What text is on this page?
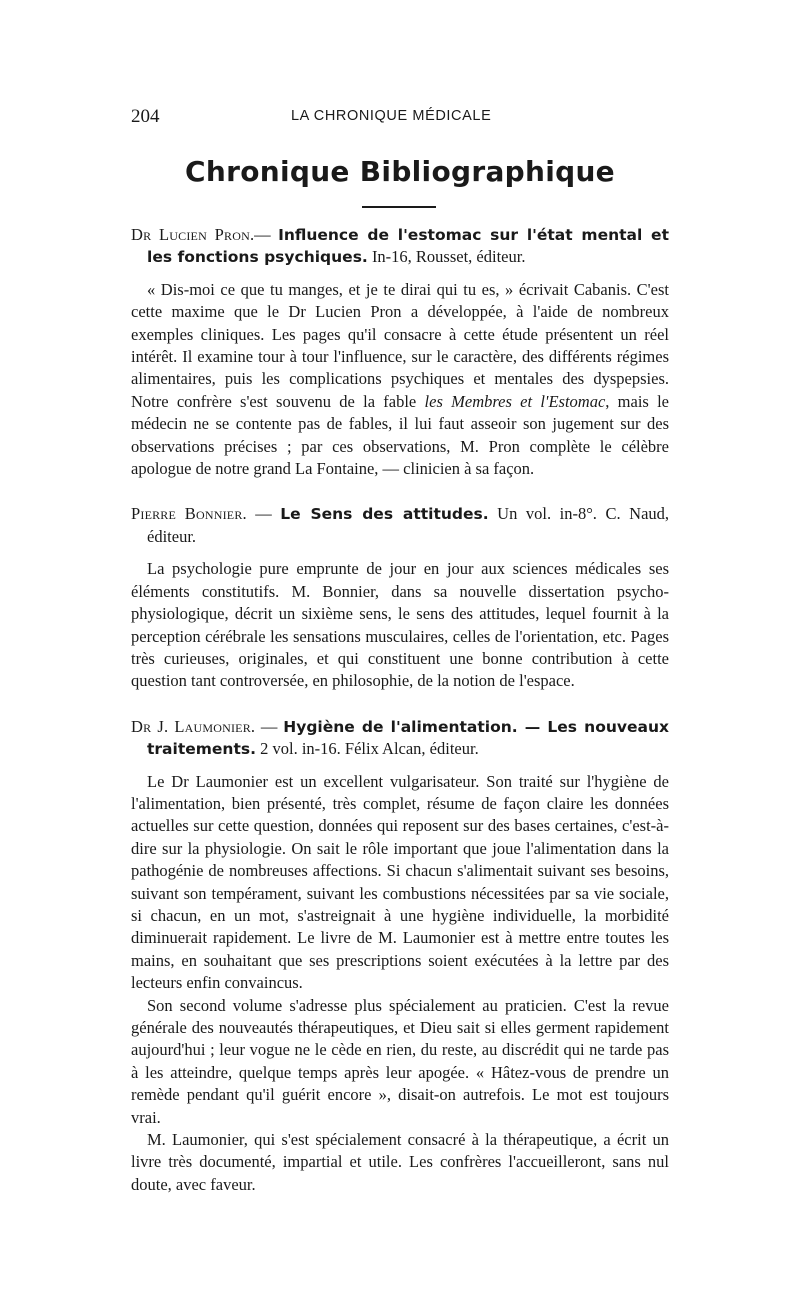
204	LA CHRONIQUE MÉDICALE
Chronique Bibliographique

Dr Lucien Pron.— Influence de l'estomac sur l'état mental et les fonctions psychiques. In-16, Rousset, éditeur.

« Dis-moi ce que tu manges, et je te dirai qui tu es, » écrivait Cabanis. C'est cette maxime que le Dr Lucien Pron a développée, à l'aide de nombreux exemples cliniques. Les pages qu'il consacre à cette étude présentent un réel intérêt. Il examine tour à tour l'influence, sur le caractère, des différents régimes alimentaires, puis les complications psychiques et mentales des dyspepsies. Notre confrère s'est souvenu de la fable les Membres et l'Estomac, mais le médecin ne se contente pas de fables, il lui faut asseoir son jugement sur des observations précises ; par ces observations, M. Pron complète le célèbre apologue de notre grand La Fontaine, — clinicien à sa façon.

Pierre Bonnier. — Le Sens des attitudes. Un vol. in-8°. C. Naud, éditeur.

La psychologie pure emprunte de jour en jour aux sciences médicales ses éléments constitutifs. M. Bonnier, dans sa nouvelle dissertation psycho-physiologique, décrit un sixième sens, le sens des attitudes, lequel fournit à la perception cérébrale les sensations musculaires, celles de l'orientation, etc. Pages très curieuses, originales, et qui constituent une bonne contribution à cette question tant controversée, en philosophie, de la notion de l'espace.

Dr J. Laumonier. — Hygiène de l'alimentation. — Les nouveaux traitements. 2 vol. in-16. Félix Alcan, éditeur.

Le Dr Laumonier est un excellent vulgarisateur. Son traité sur l'hygiène de l'alimentation, bien présenté, très complet, résume de façon claire les données actuelles sur cette question, données qui reposent sur des bases certaines, c'est-à-dire sur la physiologie. On sait le rôle important que joue l'alimentation dans la pathogénie de nombreuses affections. Si chacun s'alimentait suivant ses besoins, suivant son tempérament, suivant les combustions nécessitées par sa vie sociale, si chacun, en un mot, s'astreignait à une hygiène individuelle, la morbidité diminuerait rapidement. Le livre de M. Laumonier est à mettre entre toutes les mains, en souhaitant que ses prescriptions soient exécutées à la lettre par des lecteurs enfin convaincus.

Son second volume s'adresse plus spécialement au praticien. C'est la revue générale des nouveautés thérapeutiques, et Dieu sait si elles germent rapidement aujourd'hui ; leur vogue ne le cède en rien, du reste, au discrédit qui ne tarde pas à les atteindre, quelque temps après leur apogée. « Hâtez-vous de prendre un remède pendant qu'il guérit encore », disait-on autrefois. Le mot est toujours vrai.

M. Laumonier, qui s'est spécialement consacré à la thérapeutique, a écrit un livre très documenté, impartial et utile. Les confrères l'accueilleront, sans nul doute, avec faveur.
